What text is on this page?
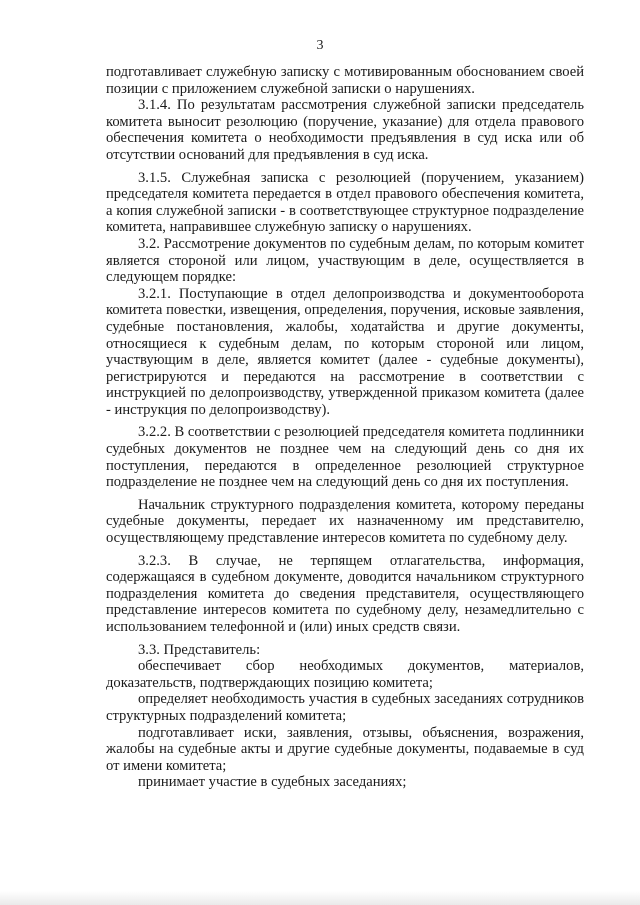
3

подготавливает служебную записку с мотивированным обоснованием своей позиции с приложением служебной записки о нарушениях.

3.1.4. По результатам рассмотрения служебной записки председатель комитета выносит резолюцию (поручение, указание) для отдела правового обеспечения комитета о необходимости предъявления в суд иска или об отсутствии оснований для предъявления в суд иска.

3.1.5. Служебная записка с резолюцией (поручением, указанием) председателя комитета передается в отдел правового обеспечения комитета, а копия служебной записки - в соответствующее структурное подразделение комитета, направившее служебную записку о нарушениях.

3.2. Рассмотрение документов по судебным делам, по которым комитет является стороной или лицом, участвующим в деле, осуществляется в следующем порядке:

3.2.1. Поступающие в отдел делопроизводства и документооборота комитета повестки, извещения, определения, поручения, исковые заявления, судебные постановления, жалобы, ходатайства и другие документы, относящиеся к судебным делам, по которым стороной или лицом, участвующим в деле, является комитет (далее - судебные документы), регистрируются и передаются на рассмотрение в соответствии с инструкцией по делопроизводству, утвержденной приказом комитета (далее - инструкция по делопроизводству).

3.2.2. В соответствии с резолюцией председателя комитета подлинники судебных документов не позднее чем на следующий день со дня их поступления, передаются в определенное резолюцией структурное подразделение не позднее чем на следующий день со дня их поступления.

Начальник структурного подразделения комитета, которому переданы судебные документы, передает их назначенному им представителю, осуществляющему представление интересов комитета по судебному делу.

3.2.3. В случае, не терпящем отлагательства, информация, содержащаяся в судебном документе, доводится начальником структурного подразделения комитета до сведения представителя, осуществляющего представление интересов комитета по судебному делу, незамедлительно с использованием телефонной и (или) иных средств связи.

3.3. Представитель:

обеспечивает сбор необходимых документов, материалов, доказательств, подтверждающих позицию комитета;

определяет необходимость участия в судебных заседаниях сотрудников структурных подразделений комитета;

подготавливает иски, заявления, отзывы, объяснения, возражения, жалобы на судебные акты и другие судебные документы, подаваемые в суд от имени комитета;

принимает участие в судебных заседаниях;
